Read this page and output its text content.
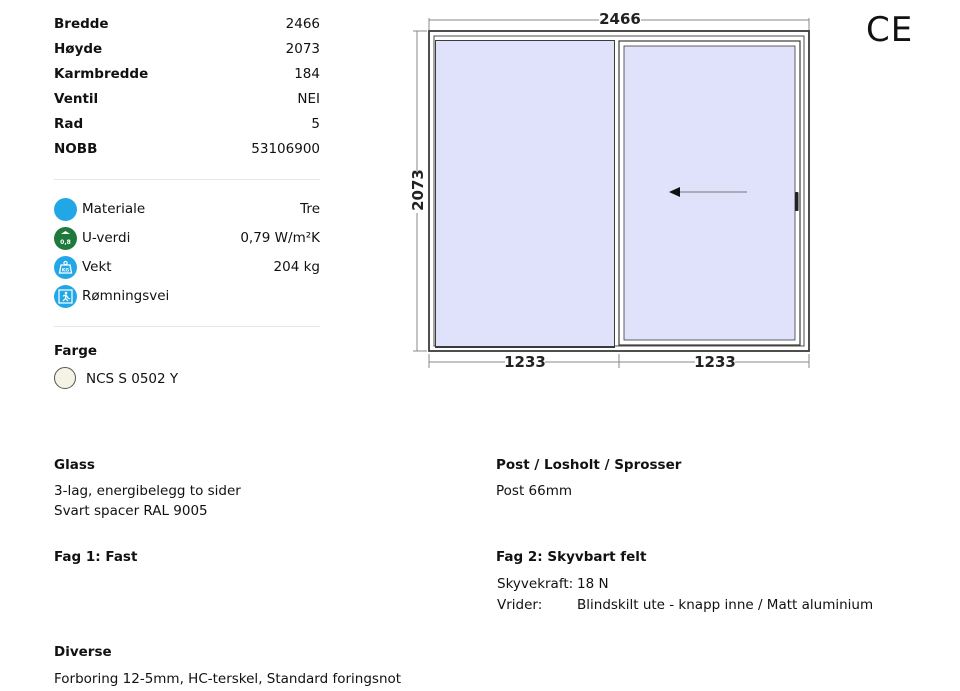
Bredde	2466
Høyde	2073
Karmbredde	184
Ventil	NEI
Rad	5
NOBB	53106900
Materiale	Tre
0,8 U-verdi	0,79 W/m²K
KG Vekt	204 kg
Rømningsvei
Farge
NCS S 0502 Y
2466
2073
1233	1233
CE
Glass
3-lag, energibelegg to sider
Svart spacer RAL 9005
Post / Losholt / Sprosser
Post 66mm
Fag 1: Fast	Fag 2: Skyvbart felt
Skyvekraft: 18 N
Vrider:	Blindskilt ute - knapp inne / Matt aluminium
Diverse
Forboring 12-5mm, HC-terskel, Standard foringsnot
